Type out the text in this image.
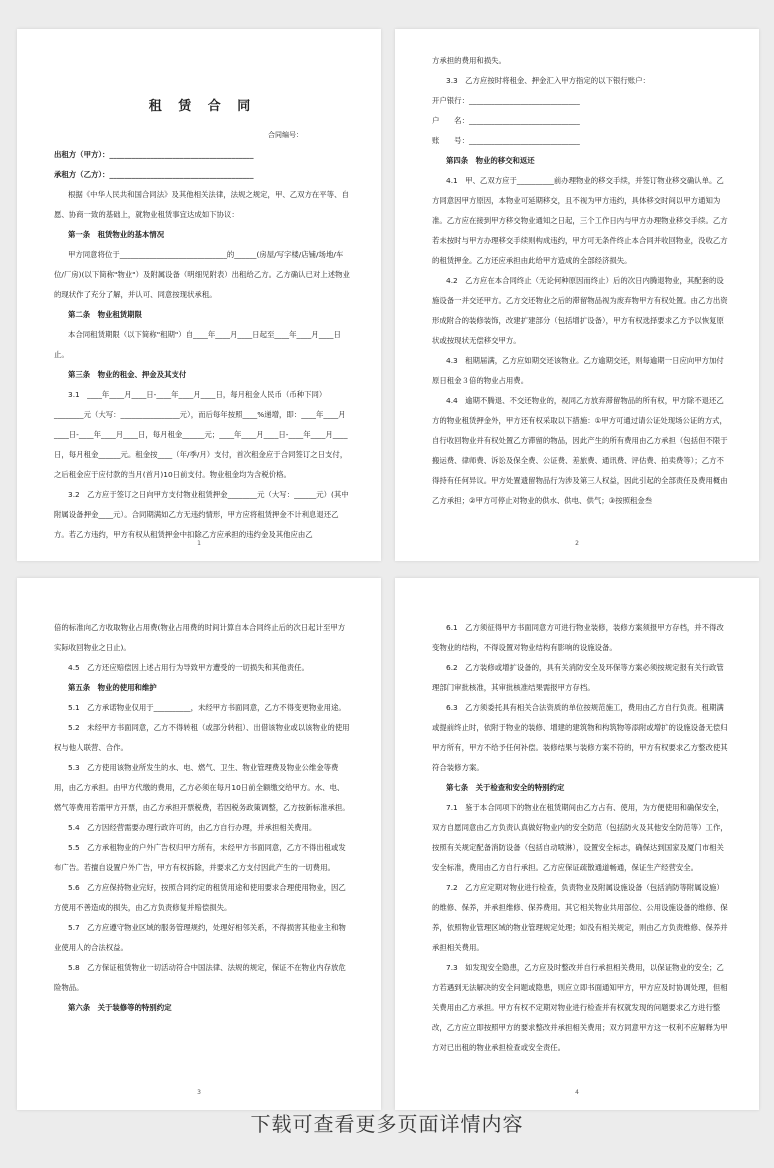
租 赁 合 同

合同编号：

出租方（甲方）：_______________________________________

承租方（乙方）：_______________________________________

根据《中华人民共和国合同法》及其他相关法律，法规之规定，甲、乙双方在平等、自愿、协商一致的基础上，就物业租赁事宜达成如下协议：

第一条　租赁物业的基本情况

甲方同意将位于_____________________________的______(房屋/写字楼/店铺/场地/车位/厂房)(以下简称"物业"）及附属设备（明细见附表）出租给乙方。乙方确认已对上述物业的现状作了充分了解，并认可、同意按现状承租。

第二条　物业租赁期限

本合同租赁期限（以下简称"租期"）自____年____月____日起至____年____月____日止。

第三条　物业的租金、押金及其支付

3.1　____年____月____日-____年____月____日，每月租金人民币（币种下同）________元（大写：________________元），而后每年按照____%递增，即：____年____月____日-____年____月____日，每月租金______元；____年____月____日-____年____月____日，每月租金______元。租金按____（年/季/月）支付，首次租金应于合同签订之日支付，之后租金应于应付款的当月(首月)10日前支付。物业租金均为含税价格。

3.2　乙方应于签订之日向甲方支付物业租赁押金________元（大写：______元）(其中附属设备押金____元）。合同期满如乙方无违约情形，甲方应将租赁押金不计利息退还乙方。若乙方违约，甲方有权从租赁押金中扣除乙方应承担的违约金及其他应由乙

1

方承担的费用和损失。

3.3　乙方应按时将租金、押金汇入甲方指定的以下银行账户：

开户银行：______________________________

户　　名：______________________________

账　　号：______________________________

第四条　物业的移交和返还

4.1　甲、乙双方应于__________前办理物业的移交手续，并签订物业移交确认单。乙方同意因甲方原因，本物业可延期移交，且不视为甲方违约，具体移交时间以甲方通知为准。乙方应在接到甲方移交物业通知之日起，三个工作日内与甲方办理物业移交手续。乙方若未按时与甲方办理移交手续则构成违约，甲方可无条件终止本合同并收回物业，没收乙方的租赁押金。乙方还应承担由此给甲方造成的全部经济损失。

4.2　乙方应在本合同终止（无论何种原因而终止）后的次日内腾退物业，其配套的设施设备一并交还甲方。乙方交还物业之后的滞留物品视为废弃物甲方有权处置。由乙方出资形成附合的装修装饰，改建扩建部分（包括增扩设备），甲方有权选择要求乙方予以恢复原状或按现状无偿移交甲方。

4.3　租期届满，乙方应如期交还该物业。乙方逾期交还，则每逾期一日应向甲方加付原日租金３倍的物业占用费。

4.4　逾期不腾退、不交还物业的，视同乙方放弃滞留物品的所有权，甲方除不退还乙方的物业租赁押金外，甲方还有权采取以下措施：①甲方可通过请公证处现场公证的方式，自行收回物业并有权处置乙方滞留的物品，因此产生的所有费用由乙方承担（包括但不限于搬运费、律师费、诉讼及保全费、公证费、差旅费、通讯费、评估费、拍卖费等）；乙方不得持有任何异议。甲方处置遗留物品行为涉及第三人权益，因此引起的全部责任及费用概由乙方承担；②甲方可停止对物业的供水、供电、供气；③按照租金叁

2

倍的标准向乙方收取物业占用费(物业占用费的时间计算自本合同终止后的次日起计至甲方实际收回物业之日止)。

4.5　乙方还应赔偿因上述占用行为导致甲方遭受的一切损失和其他责任。

第五条　物业的使用和维护

5.1　乙方承诺物业仅用于__________，未经甲方书面同意，乙方不得变更物业用途。

5.2　未经甲方书面同意，乙方不得转租（或部分转租）、出借该物业或以该物业的使用权与他人联营、合作。

5.3　乙方使用该物业所发生的水、电、燃气、卫生、物业管理费及物业公维金等费用，由乙方承担。由甲方代缴的费用，乙方必须在每月10日前全额缴交给甲方。水、电、燃气等费用若需甲方开票，由乙方承担开票税费，若因税务政策调整，乙方按新标准承担。

5.4　乙方因经营需要办理行政许可的，由乙方自行办理，并承担相关费用。

5.5　乙方承租物业的户外广告权归甲方所有，未经甲方书面同意，乙方不得出租或发布广告。若擅自设置户外广告，甲方有权拆除，并要求乙方支付因此产生的一切费用。

5.6　乙方应保持物业完好，按照合同约定的租赁用途和使用要求合理使用物业，因乙方使用不善造成的损失，由乙方负责修复并赔偿损失。

5.7　乙方应遵守物业区域的服务管理规约，处理好相邻关系，不得损害其他业主和物业使用人的合法权益。

5.8　乙方保证租赁物业一切活动符合中国法律、法规的规定，保证不在物业内存放危险物品。

第六条　关于装修等的特别约定

3

6.1　乙方须征得甲方书面同意方可进行物业装修，装修方案须报甲方存档，并不得改变物业的结构，不得设置对物业结构有影响的设施设备。

6.2　乙方装修或增扩设备的，具有关消防安全及环保等方案必须按规定报有关行政管理部门审批核准，其审批核准结果需报甲方存档。

6.3　乙方须委托具有相关合法资质的单位按规范施工，费用由乙方自行负责。租期满或提前终止时，依附于物业的装修、增建的建筑物和构筑物等添附或增扩的设施设备无偿归甲方所有，甲方不给予任何补偿。装修结果与装修方案不符的，甲方有权要求乙方整改使其符合装修方案。

第七条　关于检查和安全的特别约定

7.1　鉴于本合同项下的物业在租赁期间由乙方占有、使用，为方便使用和确保安全，双方自愿同意由乙方负责认真做好物业内的安全防范（包括防火及其他安全防范等）工作，按照有关规定配备消防设备（包括自动喷淋），设置安全标志，确保达到国家及厦门市相关安全标准，费用由乙方自行承担。乙方应保证疏散通道畅通，保证生产经营安全。

7.2　乙方应定期对物业进行检查，负责物业及附属设施设备（包括消防等附属设施）的维修、保养，并承担维修、保养费用。其它相关物业共用部位、公用设施设备的维修、保养，依照物业管理区域的物业管理规定处理；如没有相关规定，则由乙方负责维修、保养并承担相关费用。

7.3　如发现安全隐患，乙方应及时整改并自行承担相关费用，以保证物业的安全；乙方若遇到无法解决的安全问题或隐患，则应立即书面通知甲方，甲方应及时协调处理，但相关费用由乙方承担。甲方有权不定期对物业进行检查并有权就发现的问题要求乙方进行整改，乙方应立即按照甲方的要求整改并承担相关费用；双方同意甲方这一权利不应解释为甲方对已出租的物业承担检查或安全责任。

4
下载可查看更多页面详情内容
